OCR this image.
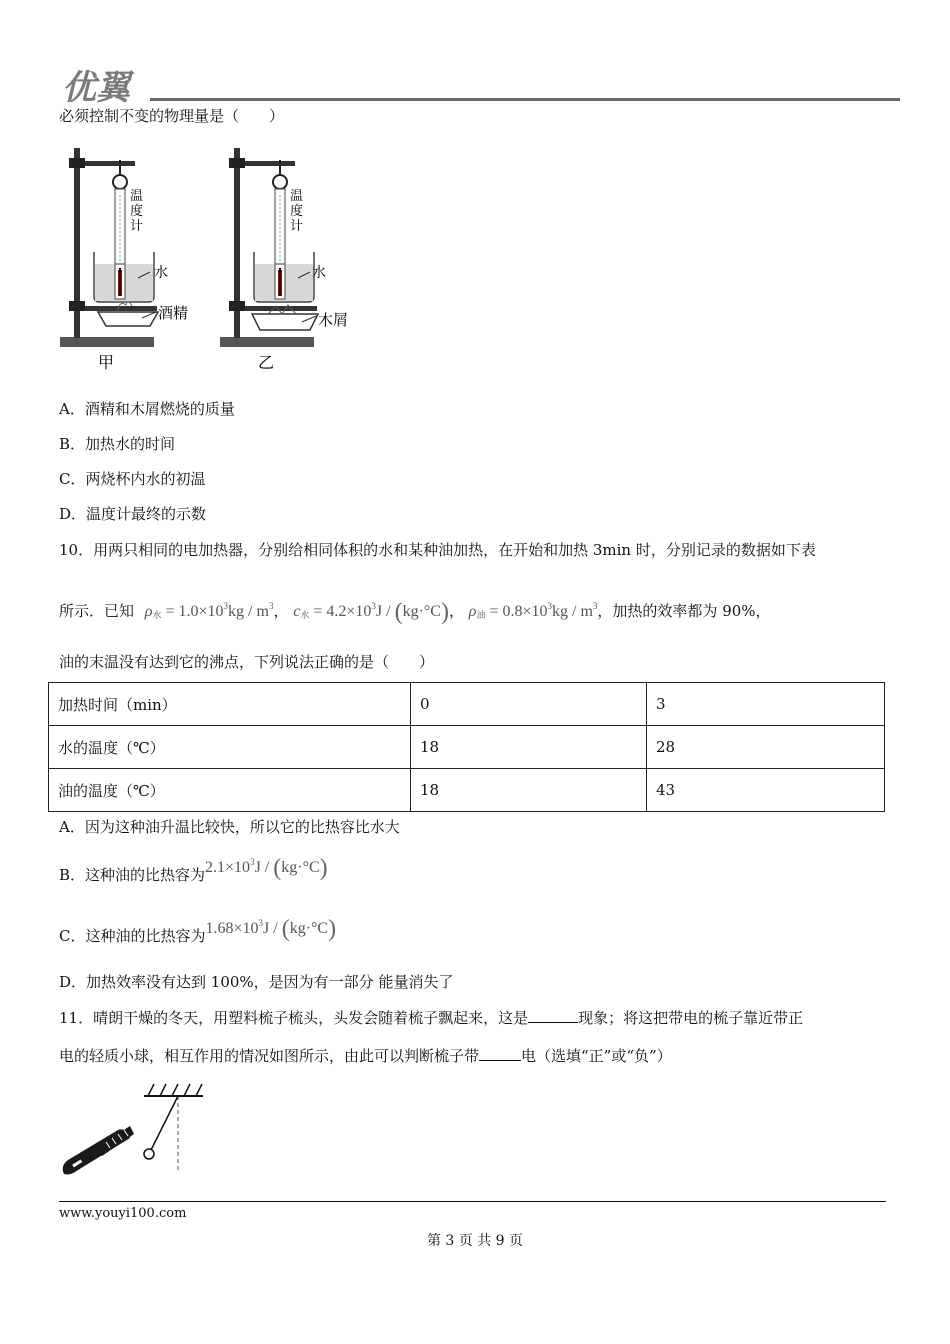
优翼
必须控制不变的物理量是（　　）
温度计
水
酒精
甲
温度计
水
木屑
乙
A．酒精和木屑燃烧的质量
B．加热水的时间
C．两烧杯内水的初温
D．温度计最终的示数
10．用两只相同的电加热器，分别给相同体积的水和某种油加热，在开始和加热 3min 时，分别记录的数据如下表
所示．已知 $\rho_水 = 1.0\times 10^3kg / m^3$， $c_水 = 4.2\times 10^3J / (kg\cdot^\circ C)$， $\rho_油 = 0.8\times 10^3kg / m^3$，加热的效率都为 90%，
油的末温没有达到它的沸点，下列说法正确的是（　　）
加热时间（min）	0	3
水的温度（℃）	18	28
油的温度（℃）	18	43
A．因为这种油升温比较快，所以它的比热容比水大
B．这种油的比热容为$2.1\times 10^3J / (kg\cdot^\circ C)$
C．这种油的比热容为$1.68\times 10^3J / (kg\cdot^\circ C)$
D．加热效率没有达到 100%，是因为有一部分 能量消失了
11．晴朗干燥的冬天，用塑料梳子梳头，头发会随着梳子飘起来，这是	现象；将这把带电的梳子靠近带正
电的轻质小球，相互作用的情况如图所示，由此可以判断梳子带	电（选填“正”或“负”）
www.youyi100.com
第 3 页 共 9 页
